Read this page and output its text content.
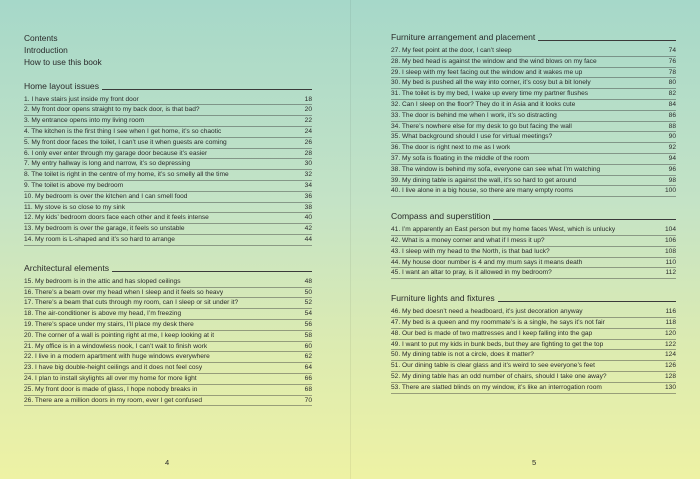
Contents
Introduction
How to use this book
Home layout issues
1. I have stairs just inside my front door	18
2. My front door opens straight to my back door, is that bad?	20
3. My entrance opens into my living room	22
4. The kitchen is the first thing I see when I get home, it’s so chaotic	24
5. My front door faces the toilet, I can’t use it when guests are coming	26
6. I only ever enter through my garage door because it’s easier	28
7. My entry hallway is long and narrow, it’s so depressing	30
8. The toilet is right in the centre of my home, it’s so smelly all the time	32
9. The toilet is above my bedroom	34
10. My bedroom is over the kitchen and I can smell food	36
11. My stove is so close to my sink	38
12. My kids’ bedroom doors face each other and it feels intense	40
13. My bedroom is over the garage, it feels so unstable	42
14. My room is L-shaped and it’s so hard to arrange	44
Architectural elements
15. My bedroom is in the attic and has sloped ceilings	48
16. There’s a beam over my head when I sleep and it feels so heavy	50
17. There’s a beam that cuts through my room, can I sleep or sit under it?	52
18. The air-conditioner is above my head, I’m freezing	54
19. There’s space under my stairs, I’ll place my desk there	56
20. The corner of a wall is pointing right at me, I keep looking at it	58
21. My office is in a windowless nook, I can’t wait to finish work	60
22. I live in a modern apartment with huge windows everywhere	62
23. I have big double-height ceilings and it does not feel cosy	64
24. I plan to install skylights all over my home for more light	66
25. My front door is made of glass, I hope nobody breaks in	68
26. There are a million doors in my room, ever I get confused	70
4
Furniture arrangement and placement
27. My feet point at the door, I can’t sleep	74
28. My bed head is against the window and the wind blows on my face	76
29. I sleep with my feet facing out the window and it wakes me up	78
30. My bed is pushed all the way into corner, it’s cosy but a bit lonely	80
31. The toilet is by my bed, I wake up every time my partner flushes	82
32. Can I sleep on the floor? They do it in Asia and it looks cute	84
33. The door is behind me when I work, it’s so distracting	86
34. There’s nowhere else for my desk to go but facing the wall	88
35. What background should I use for virtual meetings?	90
36. The door is right next to me as I work	92
37. My sofa is floating in the middle of the room	94
38. The window is behind my sofa, everyone can see what I’m watching	96
39. My dining table is against the wall, it’s so hard to get around	98
40. I live alone in a big house, so there are many empty rooms	100
Compass and superstition
41. I’m apparently an East person but my home faces West, which is unlucky	104
42. What is a money corner and what if I mess it up?	106
43. I sleep with my head to the North, is that bad luck?	108
44. My house door number is 4 and my mum says it means death	110
45. I want an altar to pray, is it allowed in my bedroom?	112
Furniture lights and fixtures
46. My bed doesn’t need a headboard, it’s just decoration anyway	116
47. My bed is a queen and my roommate’s is a single, he says it’s not fair	118
48. Our bed is made of two mattresses and I keep falling into the gap	120
49. I want to put my kids in bunk beds, but they are fighting to get the top	122
50. My dining table is not a circle, does it matter?	124
51. Our dining table is clear glass and it’s weird to see everyone’s feet	126
52. My dining table has an odd number of chairs, should I take one away?	128
53. There are slatted blinds on my window, it’s like an interrogation room	130
5
